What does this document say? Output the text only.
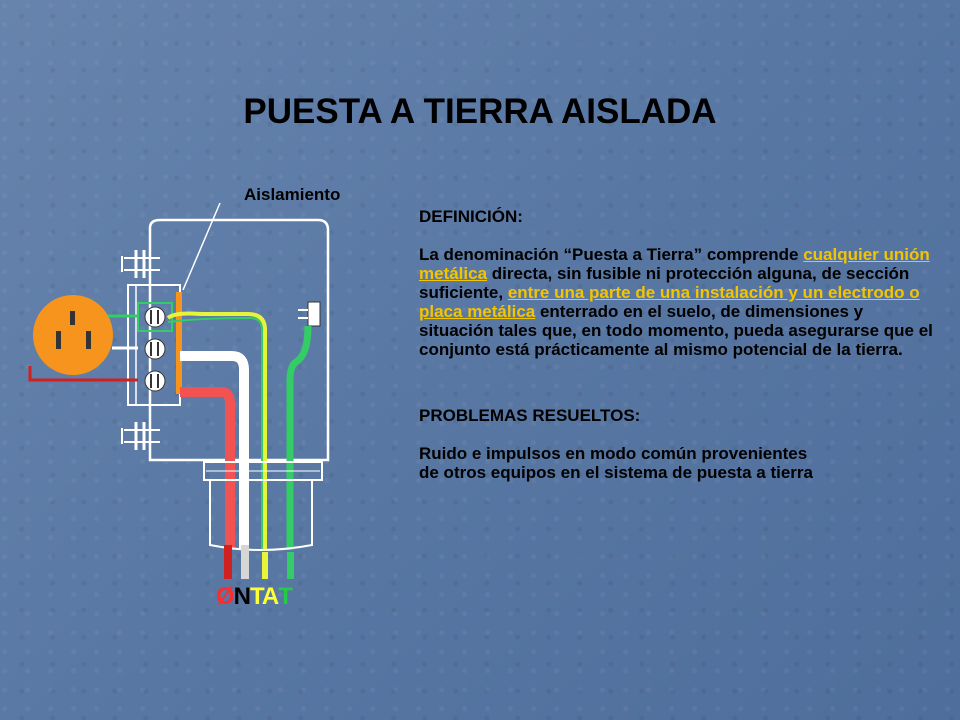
PUESTA A TIERRA AISLADA
Aislamiento
ØNTAT

DEFINICIÓN:

La denominación “Puesta a Tierra” comprende cualquier unión metálica directa, sin fusible ni protección alguna, de sección suficiente, entre una parte de una instalación y un electrodo o placa metálica enterrado en el suelo, de dimensiones y situación tales que, en todo momento, pueda asegurarse que el conjunto está prácticamente al mismo potencial de la tierra.

PROBLEMAS RESUELTOS:

Ruido e impulsos en modo común provenientes de otros equipos en el sistema de puesta a tierra
